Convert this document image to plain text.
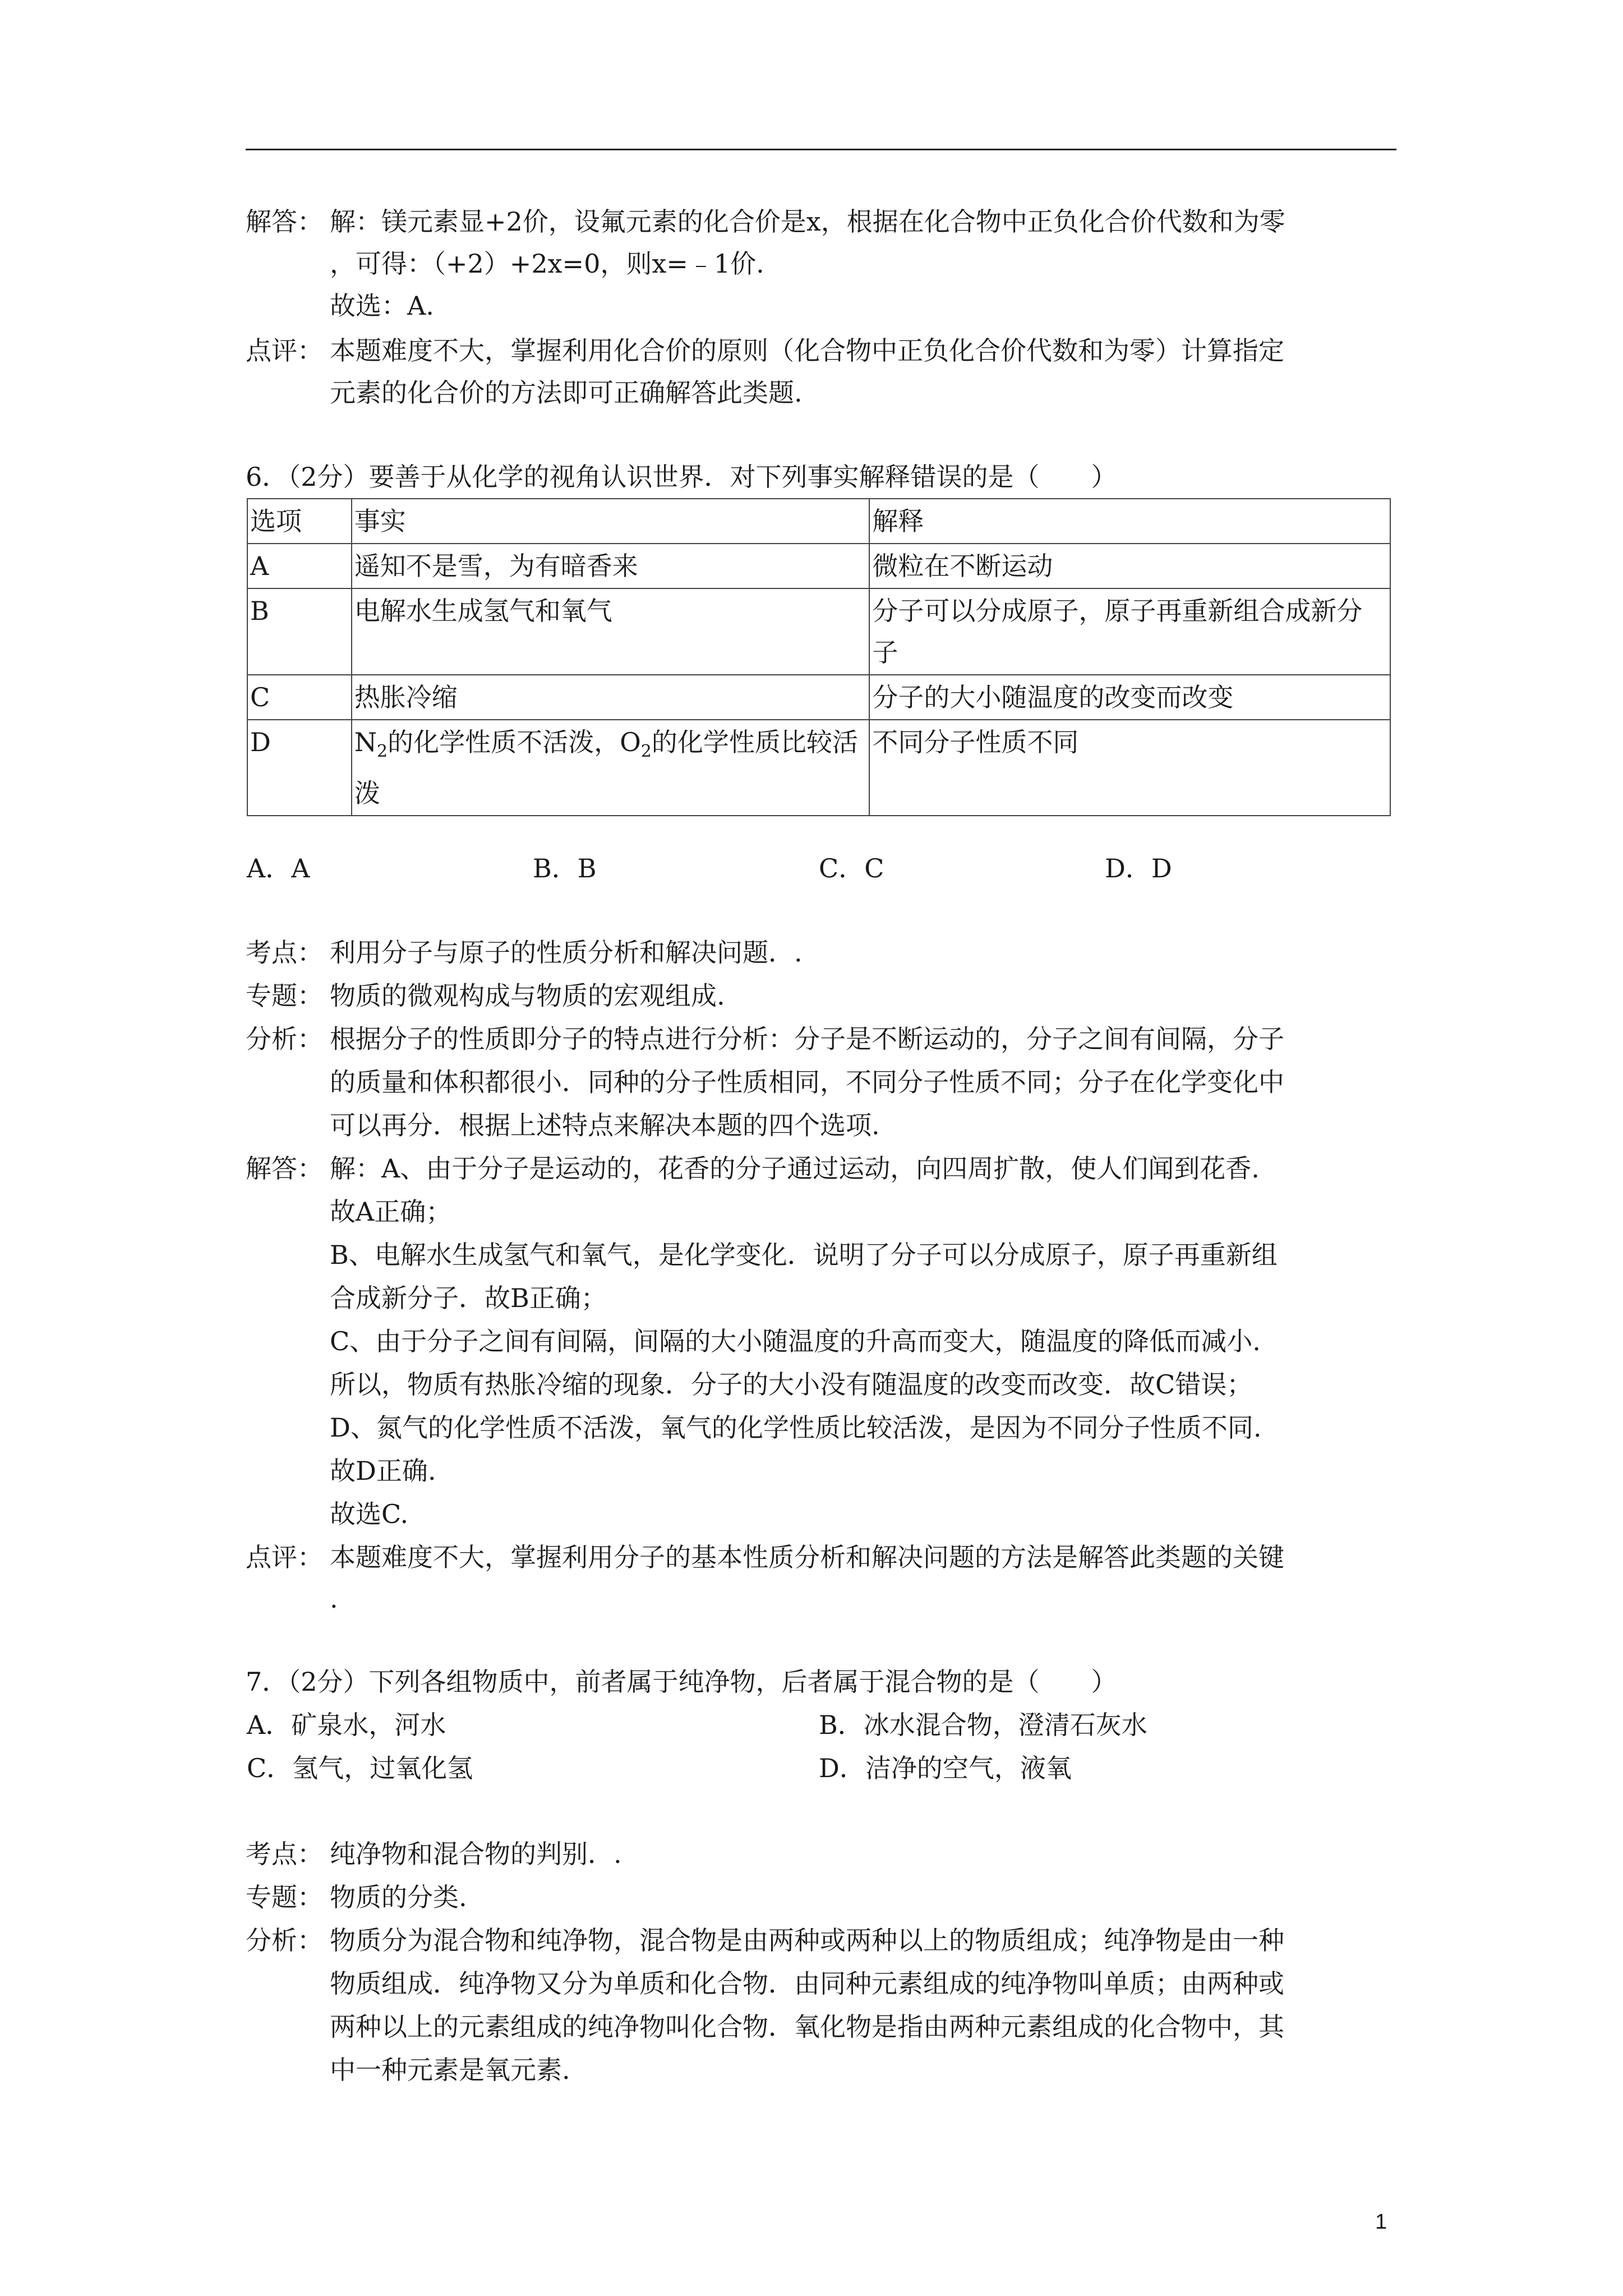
解答： 解：镁元素显+2价，设氟元素的化合价是x，根据在化合物中正负化合价代数和为零
，可得：（+2）+2x=0，则x=﹣1价.
故选：A.
点评： 本题难度不大，掌握利用化合价的原则（化合物中正负化合价代数和为零）计算指定
元素的化合价的方法即可正确解答此类题.
6．（2分）要善于从化学的视角认识世界．对下列事实解释错误的是（　　）
选项	事实	解释
A	遥知不是雪，为有暗香来	微粒在不断运动
B	电解水生成氢气和氧气	分子可以分成原子，原子再重新组合成新分子
C	热胀冷缩	分子的大小随温度的改变而改变
D	$N_2$的化学性质不活泼，$O_2$的化学性质比较活泼	不同分子性质不同
A．A	B．B	C．C	D．D
考点： 利用分子与原子的性质分析和解决问题．.
专题： 物质的微观构成与物质的宏观组成.
分析： 根据分子的性质即分子的特点进行分析：分子是不断运动的，分子之间有间隔，分子
的质量和体积都很小．同种的分子性质相同，不同分子性质不同；分子在化学变化中
可以再分．根据上述特点来解决本题的四个选项.
解答： 解：A、由于分子是运动的，花香的分子通过运动，向四周扩散，使人们闻到花香.
故A正确；
B、电解水生成氢气和氧气，是化学变化．说明了分子可以分成原子，原子再重新组
合成新分子．故B正确；
C、由于分子之间有间隔，间隔的大小随温度的升高而变大，随温度的降低而减小.
所以，物质有热胀冷缩的现象．分子的大小没有随温度的改变而改变．故C错误；
D、氮气的化学性质不活泼，氧气的化学性质比较活泼，是因为不同分子性质不同.
故D正确.
故选C.
点评： 本题难度不大，掌握利用分子的基本性质分析和解决问题的方法是解答此类题的关键
.
7．（2分）下列各组物质中，前者属于纯净物，后者属于混合物的是（　　）
A．矿泉水，河水	B．冰水混合物，澄清石灰水
C．氢气，过氧化氢	D．洁净的空气，液氧
考点： 纯净物和混合物的判别．.
专题： 物质的分类.
分析： 物质分为混合物和纯净物，混合物是由两种或两种以上的物质组成；纯净物是由一种
物质组成．纯净物又分为单质和化合物．由同种元素组成的纯净物叫单质；由两种或
两种以上的元素组成的纯净物叫化合物．氧化物是指由两种元素组成的化合物中，其
中一种元素是氧元素.
1
